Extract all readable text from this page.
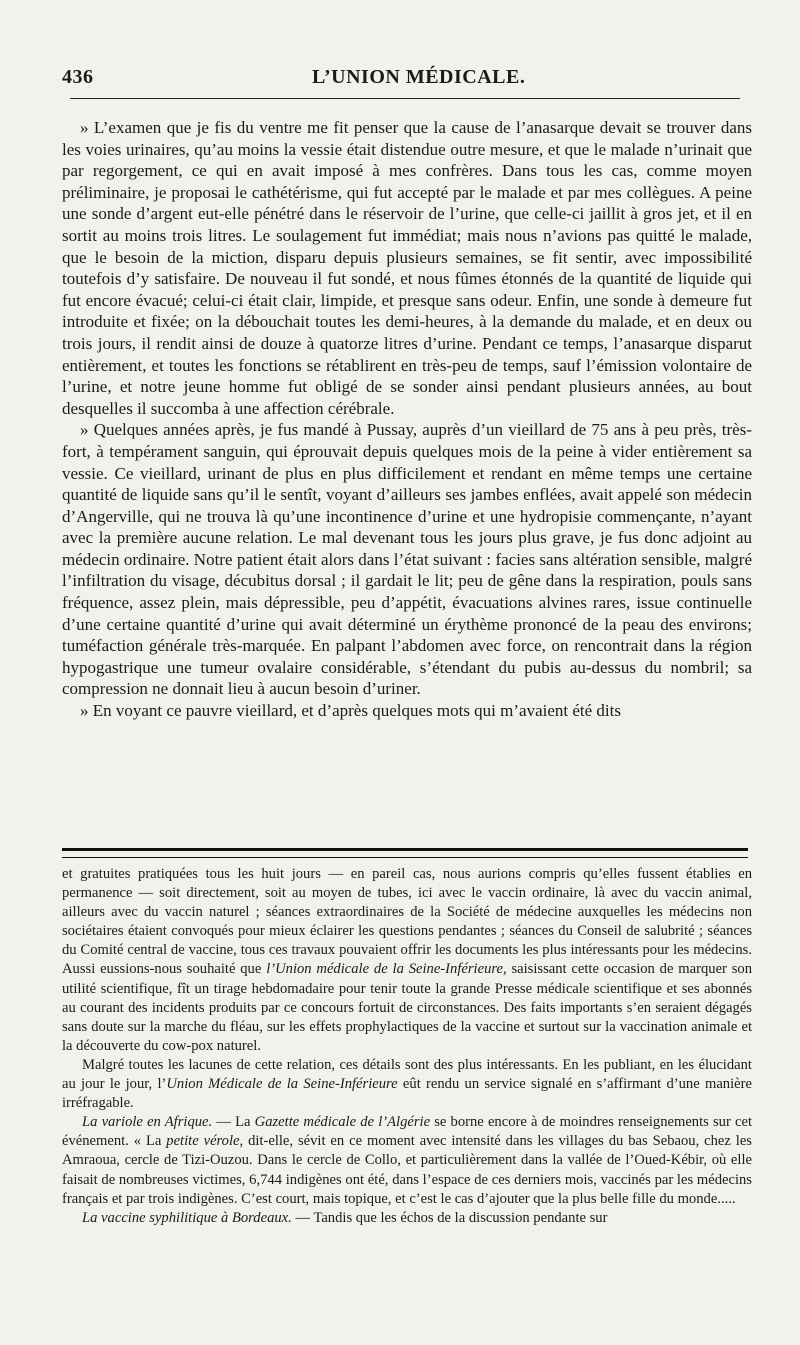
436	L’UNION MÉDICALE.

» L’examen que je fis du ventre me fit penser que la cause de l’anasarque devait se trouver dans les voies urinaires, qu’au moins la vessie était distendue outre mesure, et que le malade n’urinait que par regorgement, ce qui en avait imposé à mes confrères. Dans tous les cas, comme moyen préliminaire, je proposai le cathétérisme, qui fut accepté par le malade et par mes collègues. A peine une sonde d’argent eut-elle pénétré dans le réservoir de l’urine, que celle-ci jaillit à gros jet, et il en sortit au moins trois litres. Le soulagement fut immédiat; mais nous n’avions pas quitté le malade, que le besoin de la miction, disparu depuis plusieurs semaines, se fit sentir, avec impossibilité toutefois d’y satisfaire. De nouveau il fut sondé, et nous fûmes étonnés de la quantité de liquide qui fut encore évacué; celui-ci était clair, limpide, et presque sans odeur. Enfin, une sonde à demeure fut introduite et fixée; on la débouchait toutes les demi-heures, à la demande du malade, et en deux ou trois jours, il rendit ainsi de douze à quatorze litres d’urine. Pendant ce temps, l’anasarque disparut entièrement, et toutes les fonctions se rétablirent en très-peu de temps, sauf l’émission volontaire de l’urine, et notre jeune homme fut obligé de se sonder ainsi pendant plusieurs années, au bout desquelles il succomba à une affection cérébrale.

» Quelques années après, je fus mandé à Pussay, auprès d’un vieillard de 75 ans à peu près, très-fort, à tempérament sanguin, qui éprouvait depuis quelques mois de la peine à vider entièrement sa vessie. Ce vieillard, urinant de plus en plus difficilement et rendant en même temps une certaine quantité de liquide sans qu’il le sentît, voyant d’ailleurs ses jambes enflées, avait appelé son médecin d’Angerville, qui ne trouva là qu’une incontinence d’urine et une hydropisie commençante, n’ayant avec la première aucune relation. Le mal devenant tous les jours plus grave, je fus donc adjoint au médecin ordinaire. Notre patient était alors dans l’état suivant : facies sans altération sensible, malgré l’infiltration du visage, décubitus dorsal ; il gardait le lit; peu de gêne dans la respiration, pouls sans fréquence, assez plein, mais dépressible, peu d’appétit, évacuations alvines rares, issue continuelle d’une certaine quantité d’urine qui avait déterminé un érythème prononcé de la peau des environs; tuméfaction générale très-marquée. En palpant l’abdomen avec force, on rencontrait dans la région hypogastrique une tumeur ovalaire considérable, s’étendant du pubis au-dessus du nombril; sa compression ne donnait lieu à aucun besoin d’uriner.

» En voyant ce pauvre vieillard, et d’après quelques mots qui m’avaient été dits

et gratuites pratiquées tous les huit jours — en pareil cas, nous aurions compris qu’elles fussent établies en permanence — soit directement, soit au moyen de tubes, ici avec le vaccin ordinaire, là avec du vaccin animal, ailleurs avec du vaccin naturel ; séances extraordinaires de la Société de médecine auxquelles les médecins non sociétaires étaient convoqués pour mieux éclairer les questions pendantes ; séances du Conseil de salubrité ; séances du Comité central de vaccine, tous ces travaux pouvaient offrir les documents les plus intéressants pour les médecins. Aussi eussions-nous souhaité que l’Union médicale de la Seine-Inférieure, saisissant cette occasion de marquer son utilité scientifique, fît un tirage hebdomadaire pour tenir toute la grande Presse médicale scientifique et ses abonnés au courant des incidents produits par ce concours fortuit de circonstances. Des faits importants s’en seraient dégagés sans doute sur la marche du fléau, sur les effets prophylactiques de la vaccine et surtout sur la vaccination animale et la découverte du cow-pox naturel.

Malgré toutes les lacunes de cette relation, ces détails sont des plus intéressants. En les publiant, en les élucidant au jour le jour, l’Union Médicale de la Seine-Inférieure eût rendu un service signalé en s’affirmant d’une manière irréfragable.

La variole en Afrique. — La Gazette médicale de l’Algérie se borne encore à de moindres renseignements sur cet événement. « La petite vérole, dit-elle, sévit en ce moment avec intensité dans les villages du bas Sebaou, chez les Amraoua, cercle de Tizi-Ouzou. Dans le cercle de Collo, et particulièrement dans la vallée de l’Oued-Kébir, où elle faisait de nombreuses victimes, 6,744 indigènes ont été, dans l’espace de ces derniers mois, vaccinés par les médecins français et par trois indigènes. C’est court, mais topique, et c’est le cas d’ajouter que la plus belle fille du monde.....

La vaccine syphilitique à Bordeaux. — Tandis que les échos de la discussion pendante sur
